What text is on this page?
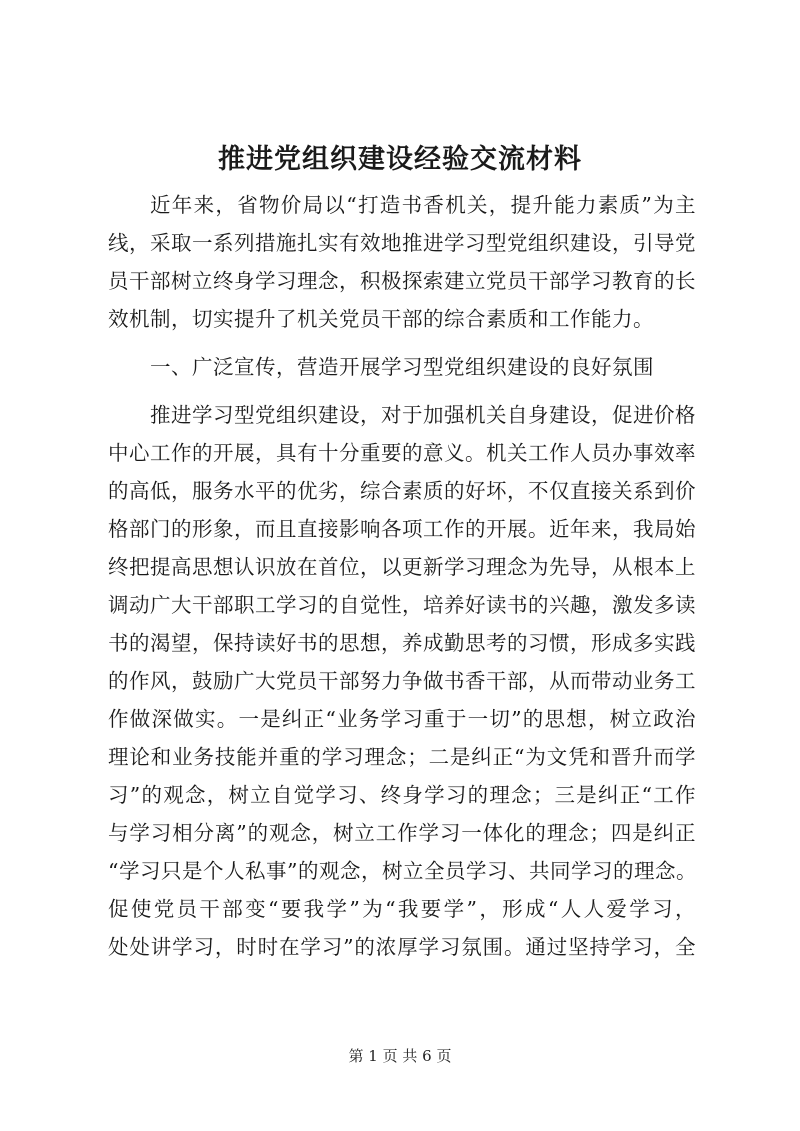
推进党组织建设经验交流材料
近年来，省物价局以“打造书香机关，提升能力素质”为主
线，采取一系列措施扎实有效地推进学习型党组织建设，引导党
员干部树立终身学习理念，积极探索建立党员干部学习教育的长
效机制，切实提升了机关党员干部的综合素质和工作能力。
一、广泛宣传，营造开展学习型党组织建设的良好氛围
推进学习型党组织建设，对于加强机关自身建设，促进价格
中心工作的开展，具有十分重要的意义。机关工作人员办事效率
的高低，服务水平的优劣，综合素质的好坏，不仅直接关系到价
格部门的形象，而且直接影响各项工作的开展。近年来，我局始
终把提高思想认识放在首位，以更新学习理念为先导，从根本上
调动广大干部职工学习的自觉性，培养好读书的兴趣，激发多读
书的渴望，保持读好书的思想，养成勤思考的习惯，形成多实践
的作风，鼓励广大党员干部努力争做书香干部，从而带动业务工
作做深做实。一是纠正“业务学习重于一切”的思想，树立政治
理论和业务技能并重的学习理念；二是纠正“为文凭和晋升而学
习”的观念，树立自觉学习、终身学习的理念；三是纠正“工作
与学习相分离”的观念，树立工作学习一体化的理念；四是纠正
“学习只是个人私事”的观念，树立全员学习、共同学习的理念。
促使党员干部变“要我学”为“我要学”，形成“人人爱学习，
处处讲学习，时时在学习”的浓厚学习氛围。通过坚持学习，全
第 1 页 共 6 页
